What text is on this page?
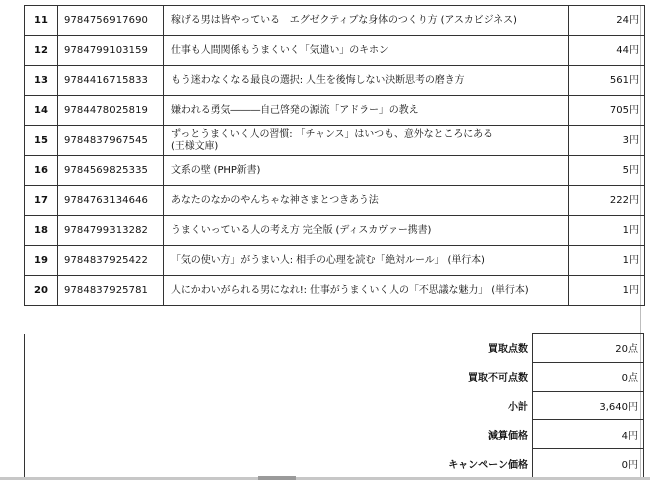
11	9784756917690	稼げる男は皆やっている　エグゼクティブな身体のつくり方 (アスカビジネス)	24円
12	9784799103159	仕事も人間関係もうまくいく「気遣い」のキホン	44円
13	9784416715833	もう迷わなくなる最良の選択: 人生を後悔しない決断思考の磨き方	561円
14	9784478025819	嫌われる勇気―――自己啓発の源流「アドラー」の教え	705円
15	9784837967545	ずっとうまくいく人の習慣: 「チャンス」はいつも、意外なところにある
(王様文庫)	3円
16	9784569825335	文系の壁 (PHP新書)	5円
17	9784763134646	あなたのなかのやんちゃな神さまとつきあう法	222円
18	9784799313282	うまくいっている人の考え方 完全版 (ディスカヴァー携書)	1円
19	9784837925422	「気の使い方」がうまい人: 相手の心理を読む「絶対ルール」 (単行本)	1円
20	9784837925781	人にかわいがられる男になれ!: 仕事がうまくいく人の「不思議な魅力」 (単行本)	1円
	買取点数	20点
	買取不可点数	0点
	小計	3,640円
	減算価格	4円
	キャンペーン価格	0円
